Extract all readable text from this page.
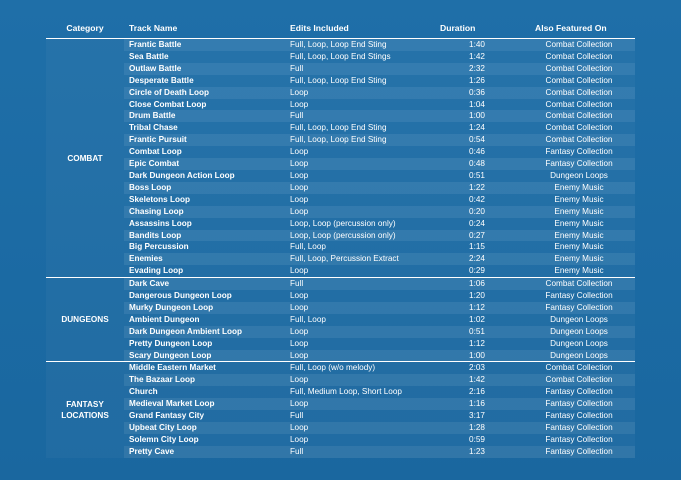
Category	Track Name	Edits Included	Duration	Also Featured On
COMBAT	Frantic Battle	Full, Loop, Loop End Sting	1:40	Combat Collection
	Sea Battle	Full, Loop, Loop End Stings	1:42	Combat Collection
	Outlaw Battle	Full	2:32	Combat Collection
	Desperate Battle	Full, Loop, Loop End Sting	1:26	Combat Collection
	Circle of Death Loop	Loop	0:36	Combat Collection
	Close Combat Loop	Loop	1:04	Combat Collection
	Drum Battle	Full	1:00	Combat Collection
	Tribal Chase	Full, Loop, Loop End Sting	1:24	Combat Collection
	Frantic Pursuit	Full, Loop, Loop End Sting	0:54	Combat Collection
	Combat Loop	Loop	0:46	Fantasy Collection
	Epic Combat	Loop	0:48	Fantasy Collection
	Dark Dungeon Action Loop	Loop	0:51	Dungeon Loops
	Boss Loop	Loop	1:22	Enemy Music
	Skeletons Loop	Loop	0:42	Enemy Music
	Chasing Loop	Loop	0:20	Enemy Music
	Assassins Loop	Loop, Loop (percussion only)	0:24	Enemy Music
	Bandits Loop	Loop, Loop (percussion only)	0:27	Enemy Music
	Big Percussion	Full, Loop	1:15	Enemy Music
	Enemies	Full, Loop, Percussion Extract	2:24	Enemy Music
	Evading Loop	Loop	0:29	Enemy Music
DUNGEONS	Dark Cave	Full	1:06	Combat Collection
	Dangerous Dungeon Loop	Loop	1:20	Fantasy Collection
	Murky Dungeon Loop	Loop	1:12	Fantasy Collection
	Ambient Dungeon	Full, Loop	1:02	Dungeon Loops
	Dark Dungeon Ambient Loop	Loop	0:51	Dungeon Loops
	Pretty Dungeon Loop	Loop	1:12	Dungeon Loops
	Scary Dungeon Loop	Loop	1:00	Dungeon Loops
FANTASY LOCATIONS	Middle Eastern Market	Full, Loop (w/o melody)	2:03	Combat Collection
	The Bazaar Loop	Loop	1:42	Combat Collection
	Church	Full, Medium Loop, Short Loop	2:16	Fantasy Collection
	Medieval Market Loop	Loop	1:16	Fantasy Collection
	Grand Fantasy City	Full	3:17	Fantasy Collection
	Upbeat City Loop	Loop	1:28	Fantasy Collection
	Solemn City Loop	Loop	0:59	Fantasy Collection
	Pretty Cave	Full	1:23	Fantasy Collection
